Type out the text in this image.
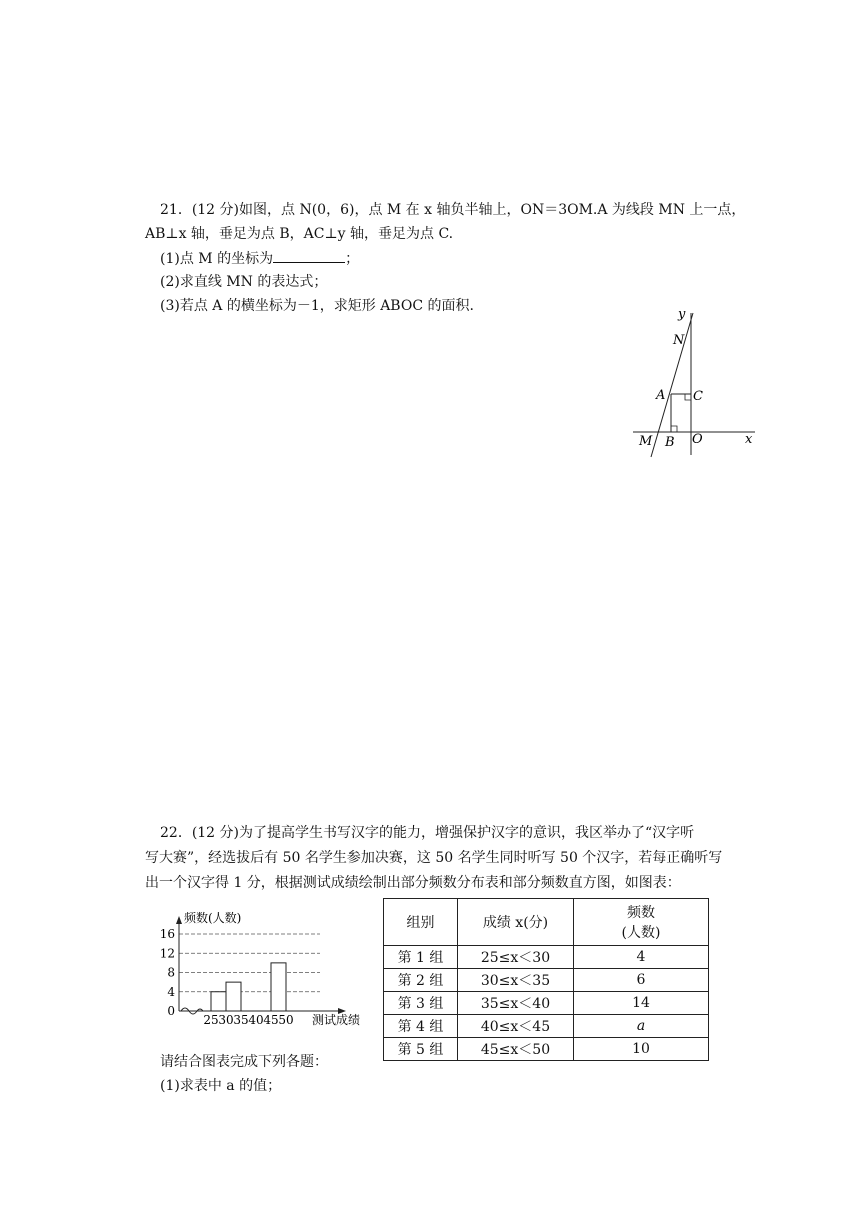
21．(12 分)如图，点 N(0，6)，点 M 在 x 轴负半轴上，ON＝3OM.A 为线段 MN 上一点，
AB⊥x 轴，垂足为点 B，AC⊥y 轴，垂足为点 C.
(1)点 M 的坐标为	；
(2)求直线 MN 的表达式；
(3)若点 A 的横坐标为－1，求矩形 ABOC 的面积.
y
x
N
A C
M B O
22．(12 分)为了提高学生书写汉字的能力，增强保护汉字的意识，我区举办了“汉字听
写大赛”，经选拔后有 50 名学生参加决赛，这 50 名学生同时听写 50 个汉字，若每正确听写
出一个汉字得 1 分，根据测试成绩绘制出部分频数分布表和部分频数直方图，如图表：
0
4
8
12
16
25 30 35 40 45 50
频数(人数)
测试成绩
组别	成绩 x(分)	频数
(人数)

第 1 组	25≤x＜30	4
第 2 组	30≤x＜35	6
第 3 组	35≤x＜40	14
第 4 组	40≤x＜45	a
第 5 组	45≤x＜50	10
请结合图表完成下列各题：
(1)求表中 a 的值；
